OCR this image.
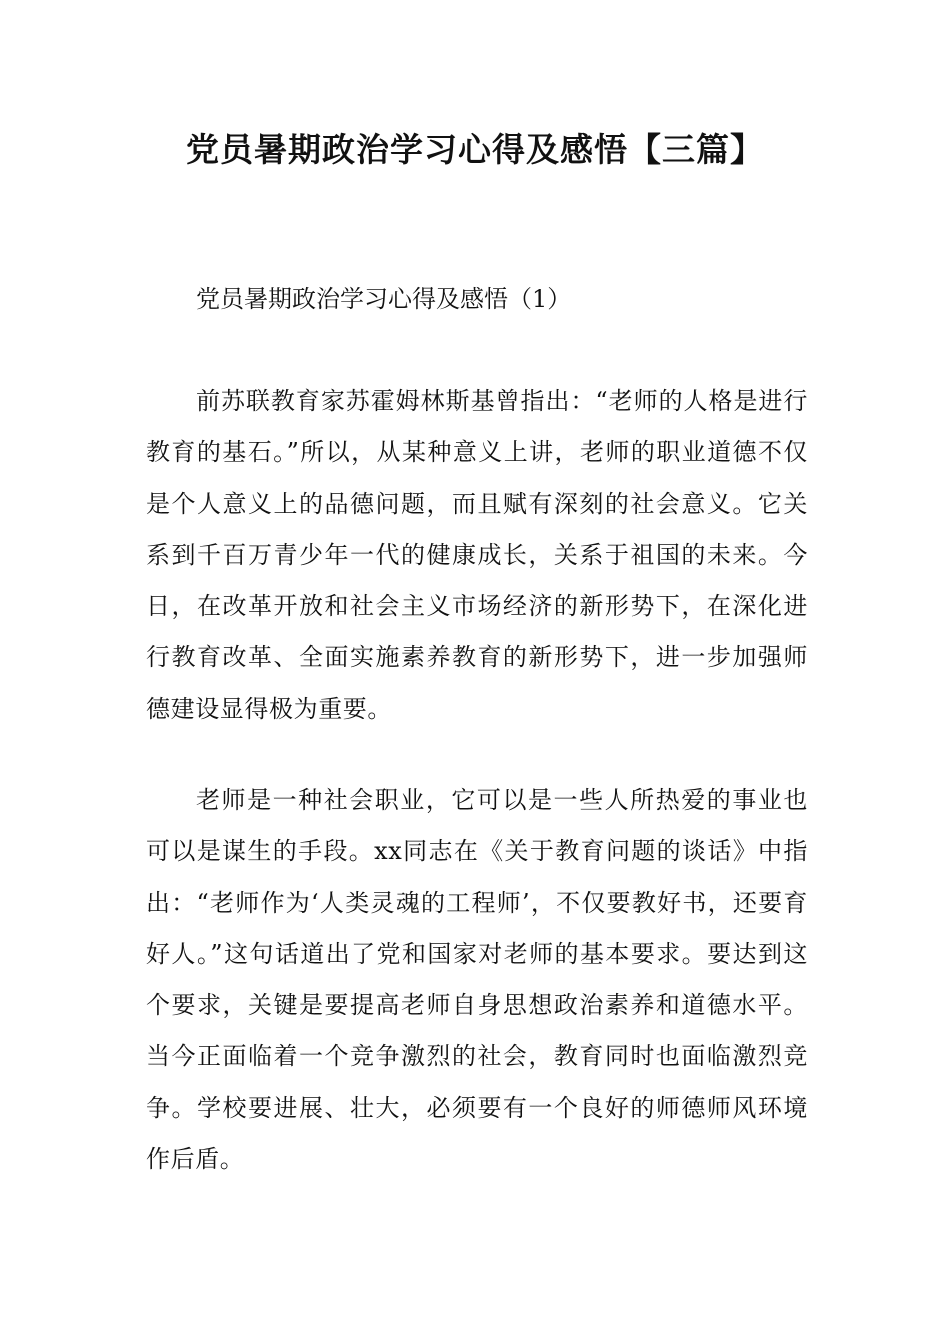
党员暑期政治学习心得及感悟【三篇】

党员暑期政治学习心得及感悟（1）

前苏联教育家苏霍姆林斯基曾指出：“老师的人格是进行教育的基石。”所以，从某种意义上讲，老师的职业道德不仅是个人意义上的品德问题，而且赋有深刻的社会意义。它关系到千百万青少年一代的健康成长，关系于祖国的未来。今日，在改革开放和社会主义市场经济的新形势下，在深化进行教育改革、全面实施素养教育的新形势下，进一步加强师德建设显得极为重要。

老师是一种社会职业，它可以是一些人所热爱的事业也可以是谋生的手段。xx同志在《关于教育问题的谈话》中指出：“老师作为‘人类灵魂的工程师’，不仅要教好书，还要育好人。”这句话道出了党和国家对老师的基本要求。要达到这个要求，关键是要提高老师自身思想政治素养和道德水平。当今正面临着一个竞争激烈的社会，教育同时也面临激烈竞争。学校要进展、壮大，必须要有一个良好的师德师风环境作后盾。
